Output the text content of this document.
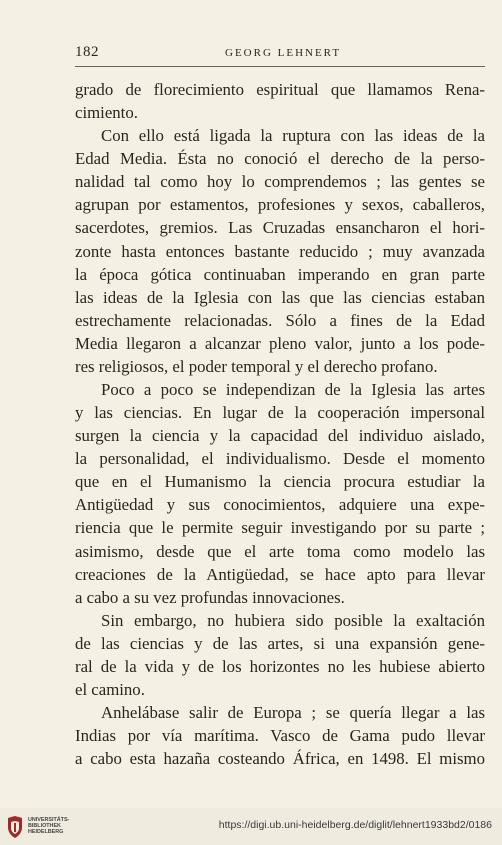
182	GEORG LEHNERT
grado de florecimiento espiritual que llamamos Rena-
cimiento.
Con ello está ligada la ruptura con las ideas de la
Edad Media. Ésta no conoció el derecho de la perso-
nalidad tal como hoy lo comprendemos ; las gentes se
agrupan por estamentos, profesiones y sexos, caballeros,
sacerdotes, gremios. Las Cruzadas ensancharon el hori-
zonte hasta entonces bastante reducido ; muy avanzada
la época gótica continuaban imperando en gran parte
las ideas de la Iglesia con las que las ciencias estaban
estrechamente relacionadas. Sólo a fines de la Edad
Media llegaron a alcanzar pleno valor, junto a los pode-
res religiosos, el poder temporal y el derecho profano.
Poco a poco se independizan de la Iglesia las artes
y las ciencias. En lugar de la cooperación impersonal
surgen la ciencia y la capacidad del individuo aislado,
la personalidad, el individualismo. Desde el momento
que en el Humanismo la ciencia procura estudiar la
Antigüedad y sus conocimientos, adquiere una expe-
riencia que le permite seguir investigando por su parte ;
asimismo, desde que el arte toma como modelo las
creaciones de la Antigüedad, se hace apto para llevar
a cabo a su vez profundas innovaciones.
Sin embargo, no hubiera sido posible la exaltación
de las ciencias y de las artes, si una expansión gene-
ral de la vida y de los horizontes no les hubiese abierto
el camino.
Anhelábase salir de Europa ; se quería llegar a las
Indias por vía marítima. Vasco de Gama pudo llevar
a cabo esta hazaña costeando África, en 1498. El mismo
UNIVERSITÄTS-
BIBLIOTHEK
HEIDELBERG
https://digi.ub.uni-heidelberg.de/diglit/lehnert1933bd2/0186
